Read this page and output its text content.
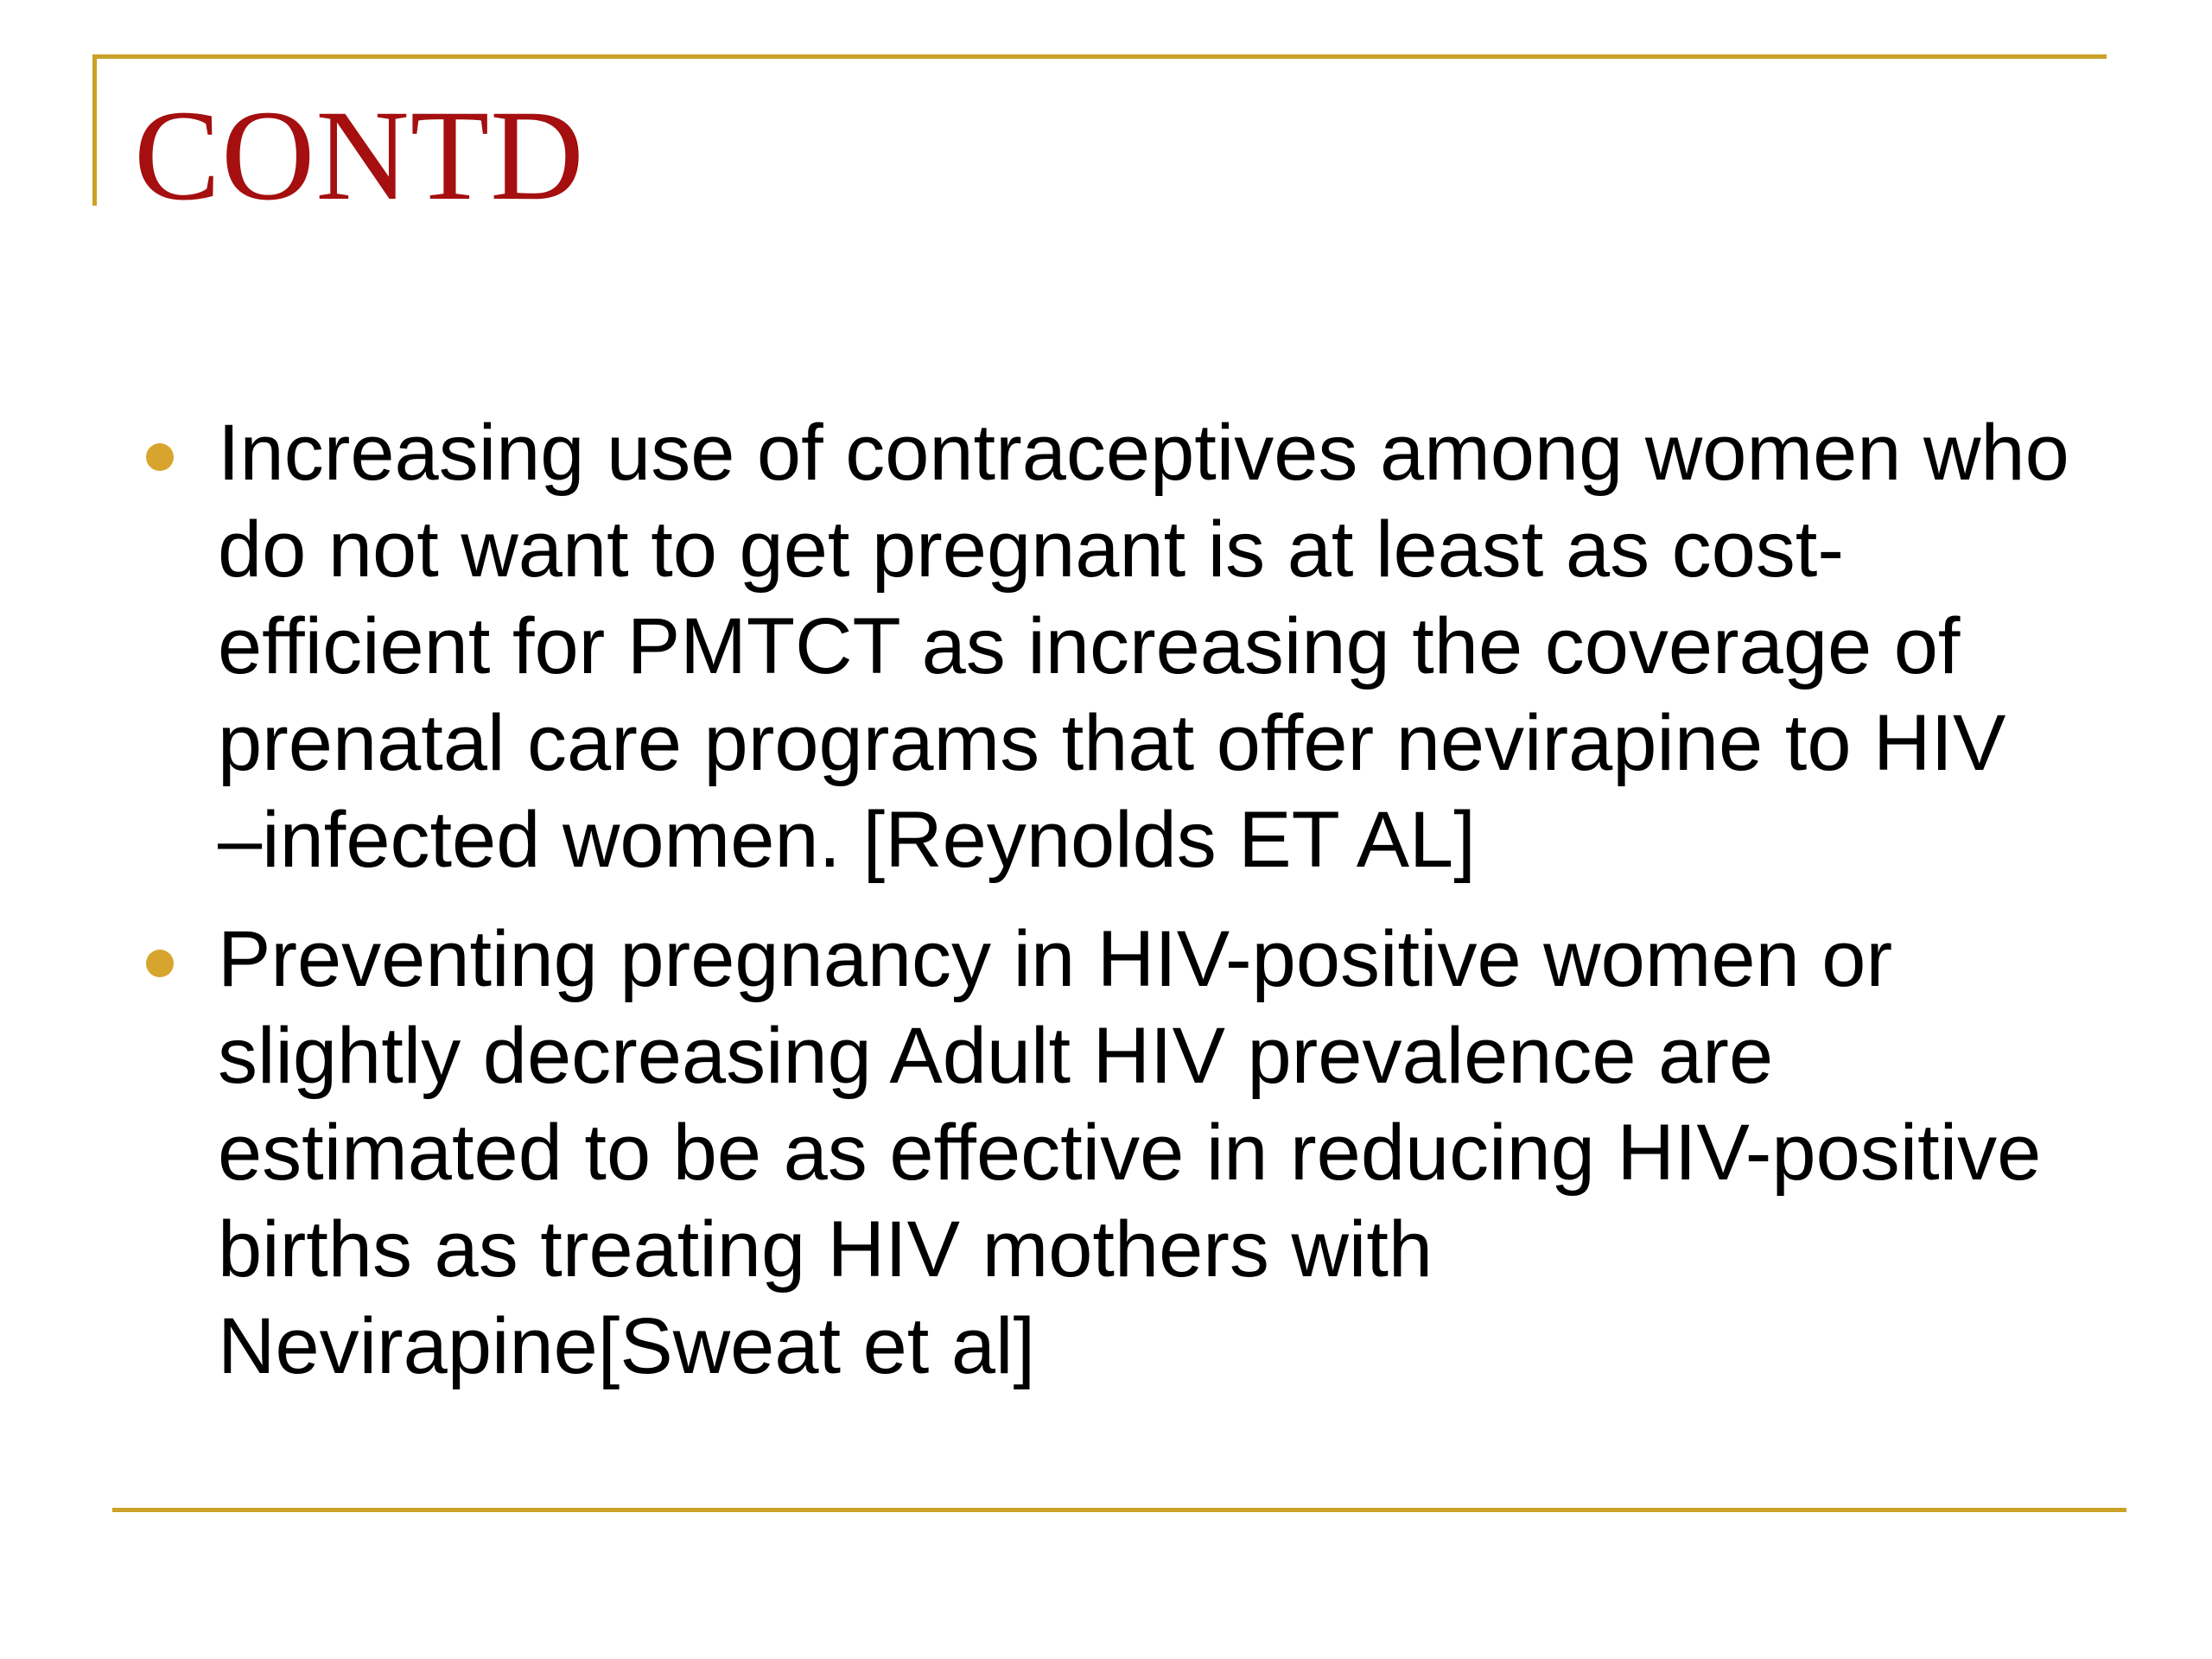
CONTD
Increasing use of contraceptives among women who
do not want to get pregnant is at least as cost-
efficient for PMTCT as increasing the coverage of
prenatal care programs that offer nevirapine to HIV
–infected women. [Reynolds ET AL]
Preventing pregnancy in HIV-positive women or
slightly decreasing Adult HIV prevalence are
estimated to be as effective in reducing HIV-positive
births as treating HIV mothers with
Nevirapine[Sweat et al]
